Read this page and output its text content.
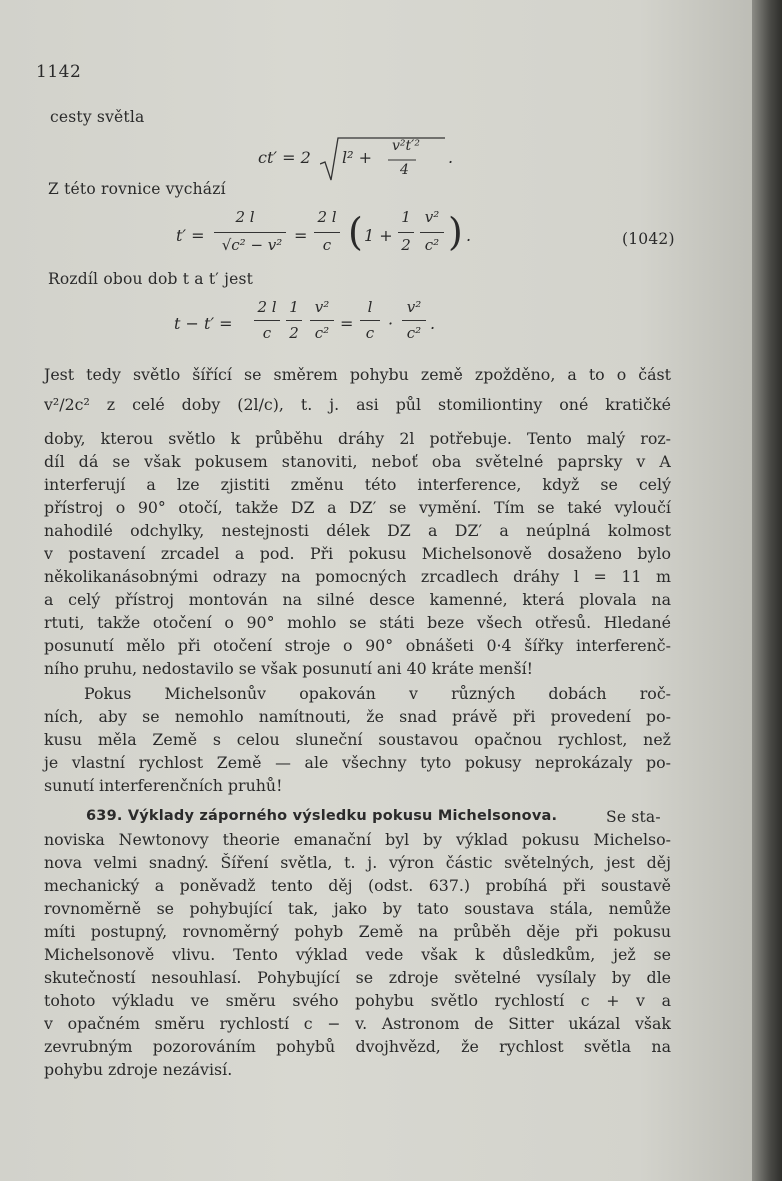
1142
cesty světla
ct′ = 2 l² +
v²t′²
4
.
Z této rovnice vychází
t′ =
2 l
√c² − v² =
2 l
c ( 1 +
1
2
v²
c² ) .	(1042)
Rozdíl obou dob t a t′ jest
t − t′ =
2 l
c
1
2
v²
c² =
l
c ·
v²
c² .
Jest tedy světlo šířící se směrem pohybu země zpožděno, a to o část
v²/2c² z celé doby (2l/c), t. j. asi půl stomiliontiny oné kratičké
doby, kterou světlo k průběhu dráhy 2l potřebuje. Tento malý roz-
díl dá se však pokusem stanoviti, neboť oba světelné paprsky v A
interferují a lze zjistiti změnu této interference, když se celý
přístroj o 90° otočí, takže DZ a DZ′ se vymění. Tím se také vyloučí
nahodilé odchylky, nestejnosti délek DZ a DZ′ a neúplná kolmost
v postavení zrcadel a pod. Při pokusu Michelsonově dosaženo bylo
několikanásobnými odrazy na pomocných zrcadlech dráhy l = 11 m
a celý přístroj montován na silné desce kamenné, která plovala na
rtuti, takže otočení o 90° mohlo se státi beze všech otřesů. Hledané
posunutí mělo při otočení stroje o 90° obnášeti 0·4 šířky interferenč-
ního pruhu, nedostavilo se však posunutí ani 40 kráte menší!
Pokus Michelsonův opakován v různých dobách roč-
ních, aby se nemohlo namítnouti, že snad právě při provedení po-
kusu měla Země s celou sluneční soustavou opačnou rychlost, než
je vlastní rychlost Země — ale všechny tyto pokusy neprokázaly po-
sunutí interferenčních pruhů!
639. Výklady záporného výsledku pokusu Michelsonova.	Se sta-
noviska Newtonovy theorie emanační byl by výklad pokusu Michelso-
nova velmi snadný. Šíření světla, t. j. výron částic světelných, jest děj
mechanický a poněvadž tento děj (odst. 637.) probíhá při soustavě
rovnoměrně se pohybující tak, jako by tato soustava stála, nemůže
míti postupný, rovnoměrný pohyb Země na průběh děje při pokusu
Michelsonově vlivu. Tento výklad vede však k důsledkům, jež se
skutečností nesouhlasí. Pohybující se zdroje světelné vysílaly by dle
tohoto výkladu ve směru svého pohybu světlo rychlostí c + v a
v opačném směru rychlostí c − v. Astronom de Sitter ukázal však
zevrubným pozorováním pohybů dvojhvězd, že rychlost světla na
pohybu zdroje nezávisí.
